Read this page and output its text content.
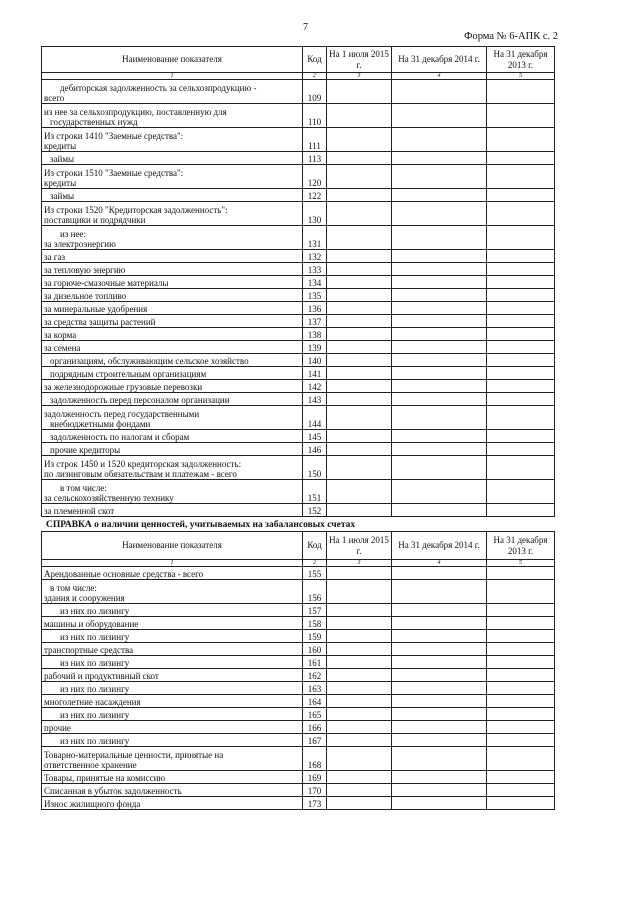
7
Форма № 6-АПК с. 2
Наименование показателя	Код	На 1 июля 2015 г.	На 31 декабря 2014 г.	На 31 декабря 2013 г.
1	2	3	4	5

дебиторская задолженность за сельхозпродукцию -
всего	109			

из нее за сельхозпродукцию, поставленную для
государственных нужд	110			

Из строки 1410 "Заемные средства":
кредиты	111			

займы	113			

Из строки 1510 "Заемные средства":
кредиты	120			

займы	122			

Из строки 1520 "Кредиторская задолженность":
поставщики и подрядчики	130			

из нее:
за электроэнергию	131			

за газ	132			

за тепловую энергию	133			

за горюче-смазочные материалы	134			

за дизельное топливо	135			

за минеральные удобрения	136			

за средства защиты растений	137			

за корма	138			

за семена	139			

организациям, обслуживающим сельское хозяйство	140			

подрядным строительным организациям	141			

за железнодорожные грузовые перевозки	142			

задолженность перед персоналом организации	143			

задолженность перед государственными
внебюджетными фондами	144			

задолженность по налогам и сборам	145			

прочие кредиторы	146			

Из строк 1450 и 1520 кредиторская задолженность:
по лизинговым обязательствам и платежам - всего	150			

в том числе:
за сельскохозяйственную технику	151			

за племенной скот	152			
СПРАВКА о наличии ценностей, учитываемых на забалансовых счетах
Наименование показателя	Код	На 1 июля 2015 г.	На 31 декабря 2014 г.	На 31 декабря 2013 г.
1	2	3	4	5

Арендованные основные средства - всего	155			

в том числе:
здания и сооружения	156			

из них по лизингу	157			

машины и оборудование	158			

из них по лизингу	159			

транспортные средства	160			

из них по лизингу	161			

рабочий и продуктивный скот	162			

из них по лизингу	163			

многолетние насаждения	164			

из них по лизингу	165			

прочие	166			

из них по лизингу	167			

Товарно-материальные ценности, принятые на
ответственное хранение	168			

Товары, принятые на комиссию	169			

Списанная в убыток задолженность	170			

Износ жилищного фонда	173			
